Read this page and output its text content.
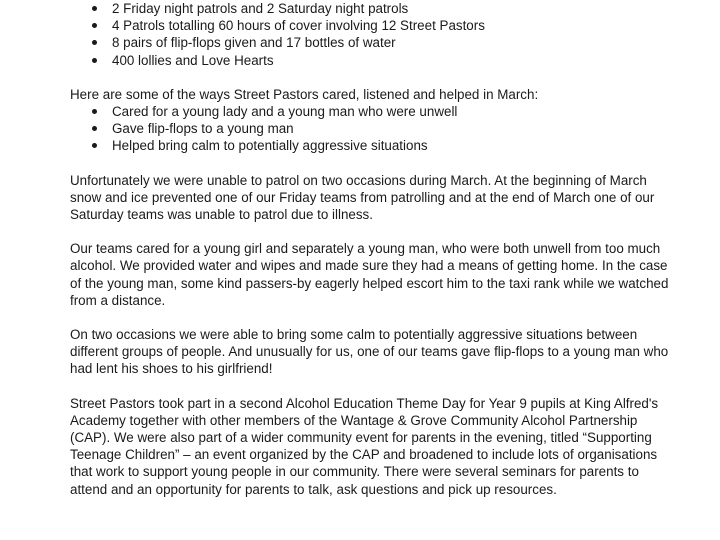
2 Friday night patrols and 2 Saturday night patrols
4 Patrols totalling 60 hours of cover involving 12 Street Pastors
8 pairs of flip-flops given and 17 bottles of water
400 lollies and Love Hearts

Here are some of the ways Street Pastors cared, listened and helped in March:

Cared for a young lady and a young man who were unwell
Gave flip-flops to a young man
Helped bring calm to potentially aggressive situations

Unfortunately we were unable to patrol on two occasions during March. At the beginning of March snow and ice prevented one of our Friday teams from patrolling and at the end of March one of our Saturday teams was unable to patrol due to illness.

Our teams cared for a young girl and separately a young man, who were both unwell from too much alcohol. We provided water and wipes and made sure they had a means of getting home. In the case of the young man, some kind passers-by eagerly helped escort him to the taxi rank while we watched from a distance.

On two occasions we were able to bring some calm to potentially aggressive situations between different groups of people. And unusually for us, one of our teams gave flip-flops to a young man who had lent his shoes to his girlfriend!

Street Pastors took part in a second Alcohol Education Theme Day for Year 9 pupils at King Alfred's Academy together with other members of the Wantage & Grove Community Alcohol Partnership (CAP). We were also part of a wider community event for parents in the evening, titled “Supporting Teenage Children” – an event organized by the CAP and broadened to include lots of organisations that work to support young people in our community. There were several seminars for parents to attend and an opportunity for parents to talk, ask questions and pick up resources.
